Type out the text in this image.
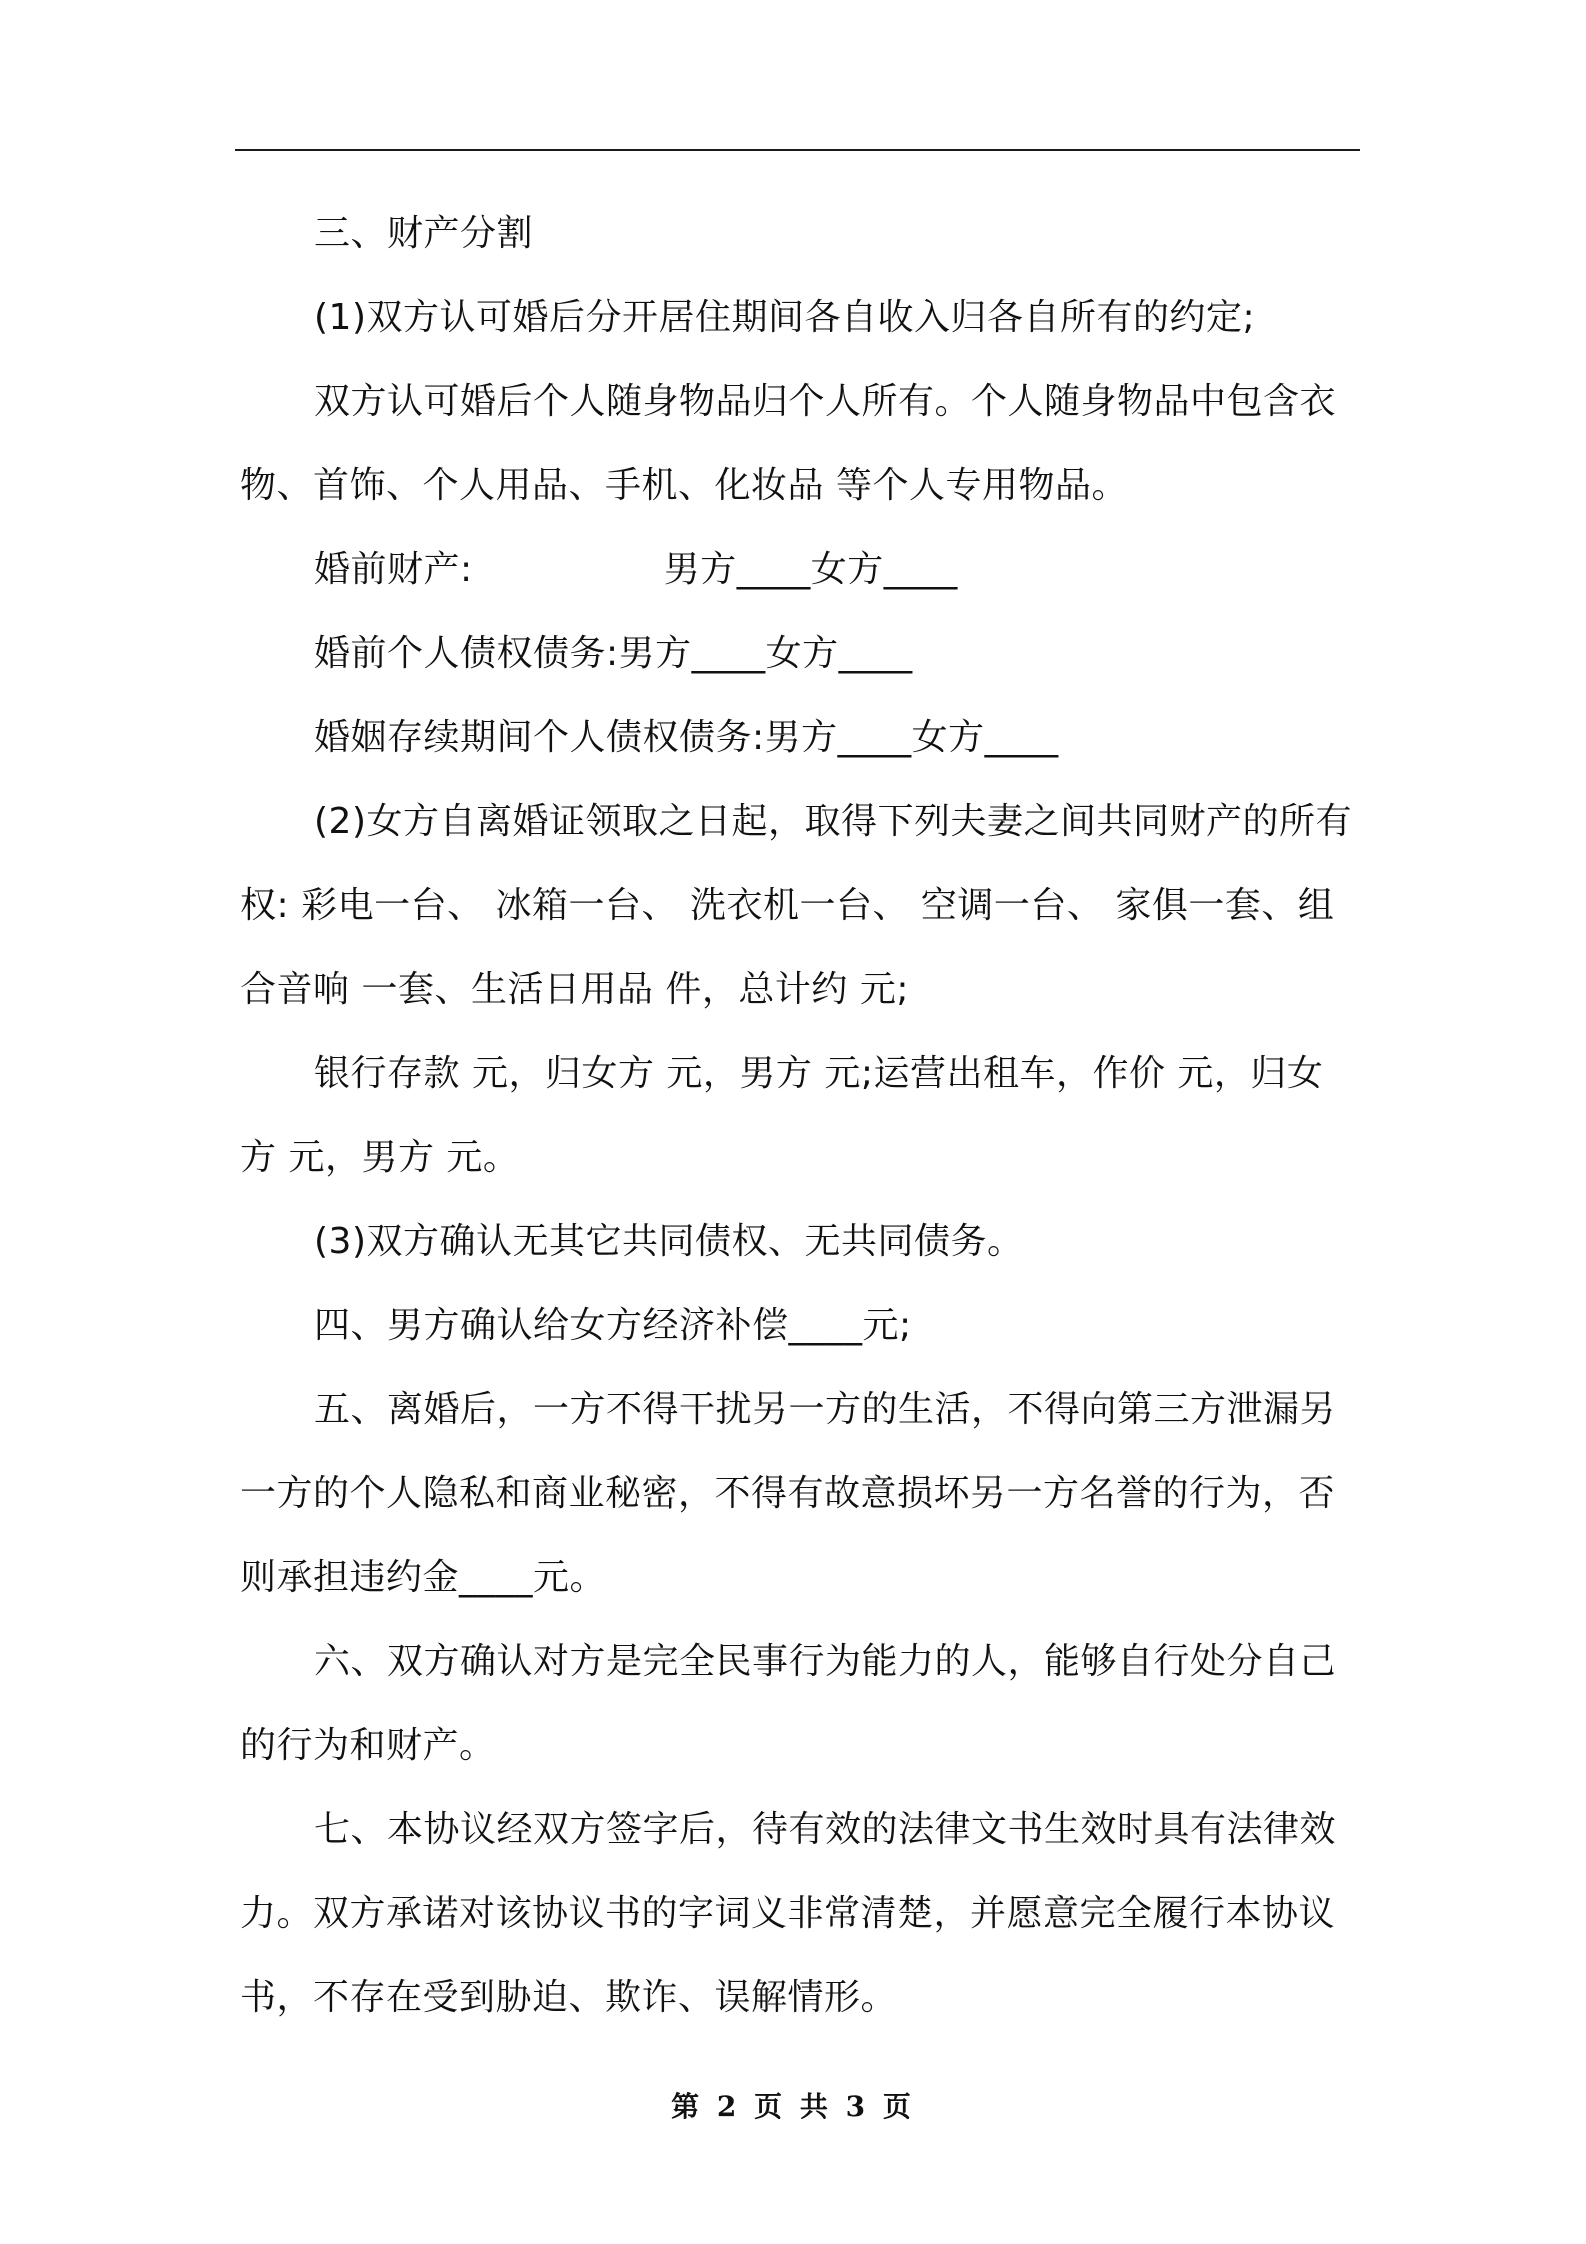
三、财产分割

(1)双方认可婚后分开居住期间各自收入归各自所有的约定;

双方认可婚后个人随身物品归个人所有。个人随身物品中包含衣物、首饰、个人用品、手机、化妆品 等个人专用物品。

婚前财产:                男方____女方____

婚前个人债权债务:男方____女方____

婚姻存续期间个人债权债务:男方____女方____

(2)女方自离婚证领取之日起，取得下列夫妻之间共同财产的所有权: 彩电一台、 冰箱一台、 洗衣机一台、 空调一台、 家俱一套、组合音响 一套、生活日用品 件，总计约 元;

银行存款 元，归女方 元，男方 元;运营出租车，作价 元，归女方 元，男方 元。

(3)双方确认无其它共同债权、无共同债务。

四、男方确认给女方经济补偿____元;

五、离婚后，一方不得干扰另一方的生活，不得向第三方泄漏另一方的个人隐私和商业秘密，不得有故意损坏另一方名誉的行为，否则承担违约金____元。

六、双方确认对方是完全民事行为能力的人，能够自行处分自己的行为和财产。

七、本协议经双方签字后，待有效的法律文书生效时具有法律效力。双方承诺对该协议书的字词义非常清楚，并愿意完全履行本协议书，不存在受到胁迫、欺诈、误解情形。

第 2 页 共 3 页
